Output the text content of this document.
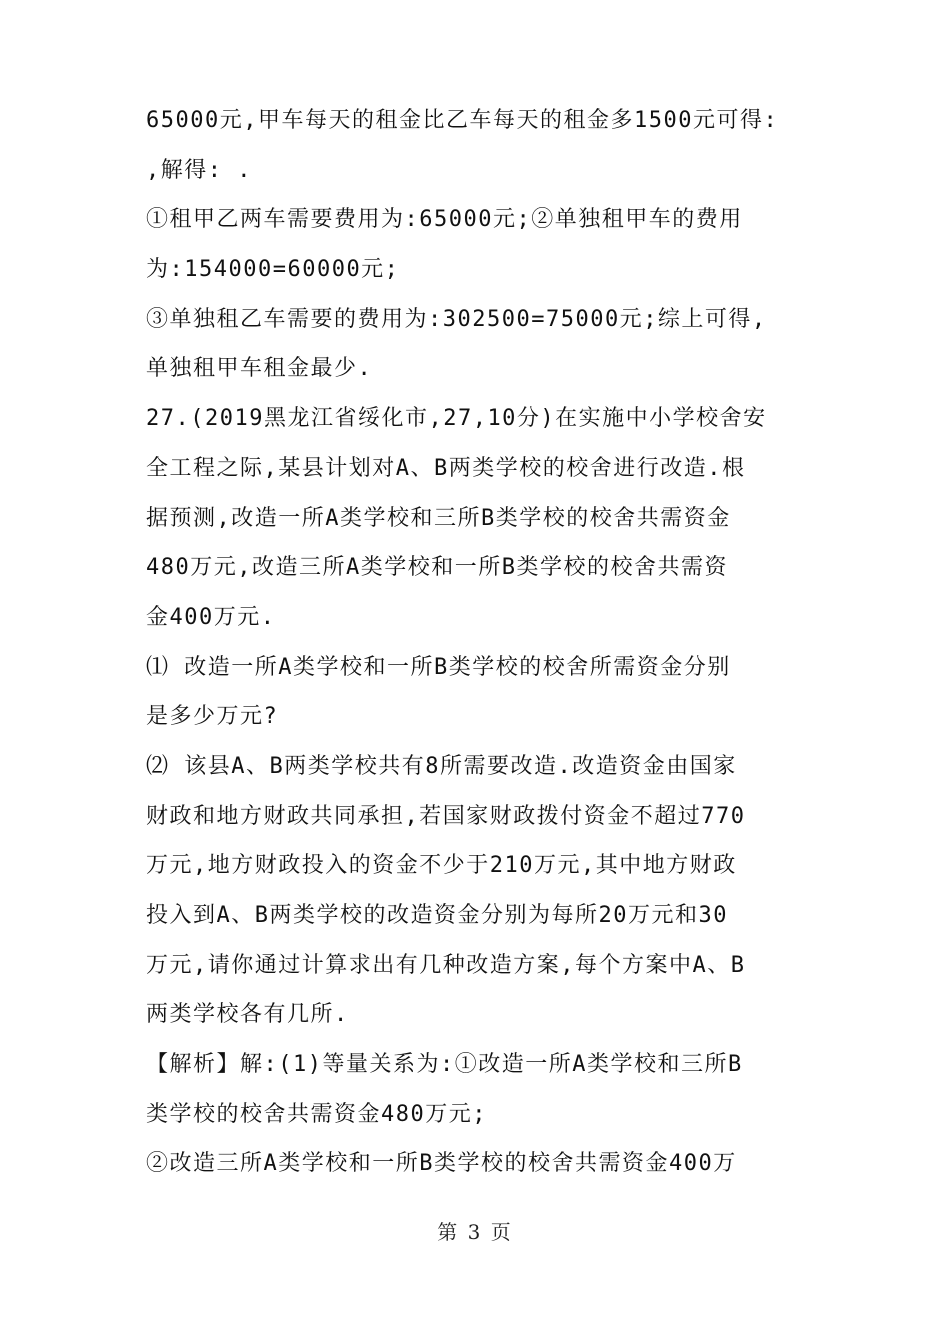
65000元,甲车每天的租金比乙车每天的租金多1500元可得:
,解得: .
①租甲乙两车需要费用为:65000元;②单独租甲车的费用
为:154000=60000元;
③单独租乙车需要的费用为:302500=75000元;综上可得,
单独租甲车租金最少.
27.(2019黑龙江省绥化市,27,10分)在实施中小学校舍安
全工程之际,某县计划对A、B两类学校的校舍进行改造.根
据预测,改造一所A类学校和三所B类学校的校舍共需资金
480万元,改造三所A类学校和一所B类学校的校舍共需资
金400万元.
⑴ 改造一所A类学校和一所B类学校的校舍所需资金分别
是多少万元?
⑵ 该县A、B两类学校共有8所需要改造.改造资金由国家
财政和地方财政共同承担,若国家财政拨付资金不超过770
万元,地方财政投入的资金不少于210万元,其中地方财政
投入到A、B两类学校的改造资金分别为每所20万元和30
万元,请你通过计算求出有几种改造方案,每个方案中A、B
两类学校各有几所.
【解析】解:(1)等量关系为:①改造一所A类学校和三所B
类学校的校舍共需资金480万元;
②改造三所A类学校和一所B类学校的校舍共需资金400万
第 3 页
